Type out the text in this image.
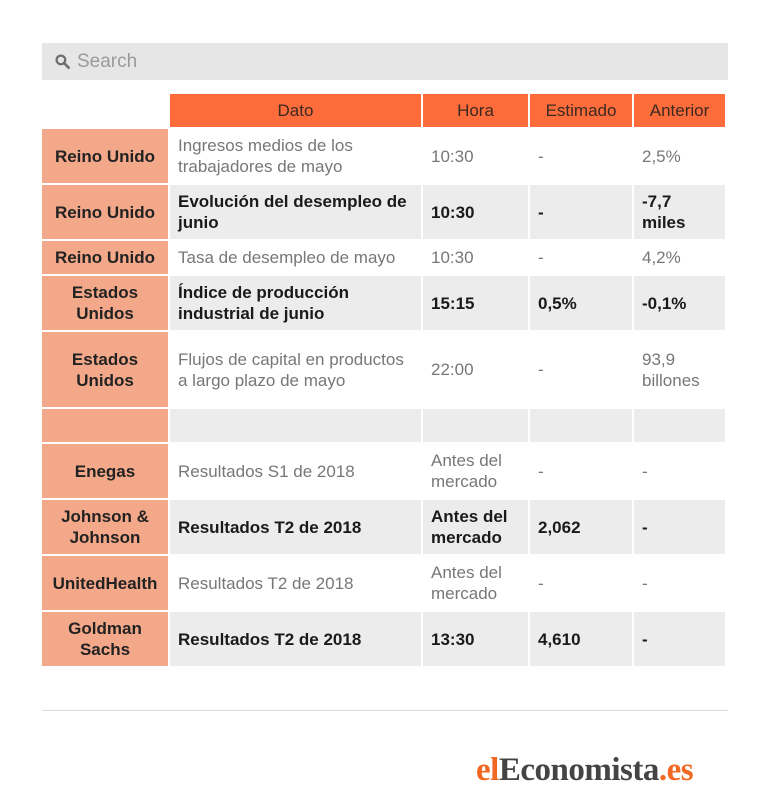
Search
	Dato	Hora	Estimado	Anterior
Reino Unido	Ingresos medios de los trabajadores de mayo	10:30	-	2,5%
Reino Unido	Evolución del desempleo de junio	10:30	-	-7,7 miles
Reino Unido	Tasa de desempleo de mayo	10:30	-	4,2%
Estados Unidos	Índice de producción industrial de junio	15:15	0,5%	-0,1%
Estados Unidos	Flujos de capital en productos a largo plazo de mayo	22:00	-	93,9 billones

Enegas	Resultados S1 de 2018	Antes del mercado	-	-
Johnson & Johnson	Resultados T2 de 2018	Antes del mercado	2,062	-
UnitedHealth	Resultados T2 de 2018	Antes del mercado	-	-
Goldman Sachs	Resultados T2 de 2018	13:30	4,610	-
elEconomista.es
